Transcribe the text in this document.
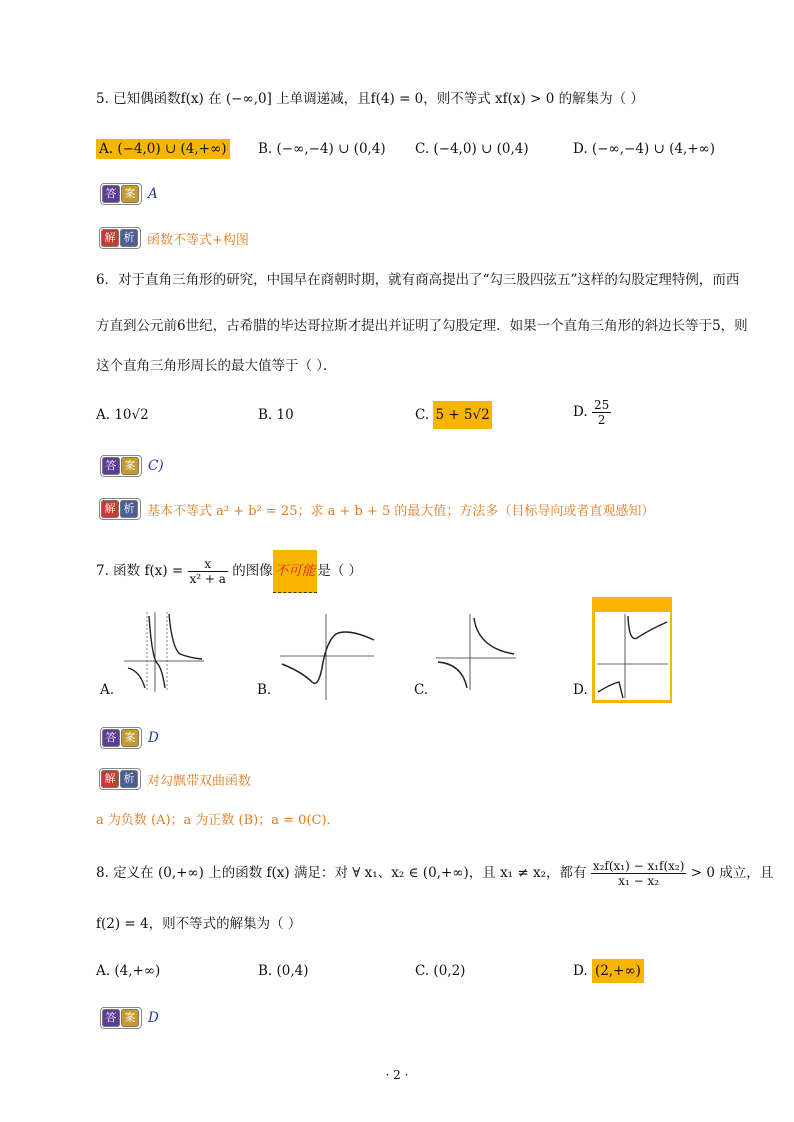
5. 已知偶函数f(x) 在 (−∞,0] 上单调递减，且f(4) = 0，则不等式 xf(x) > 0 的解集为（ ）
A. (−4,0) ∪ (4,+∞) B. (−∞,−4) ∪ (0,4) C. (−4,0) ∪ (0,4)	D. (−∞,−4) ∪ (4,+∞)
答 案 A
解 析 函数不等式+构图
6．对于直角三角形的研究，中国早在商朝时期，就有商高提出了“勾三股四弦五”这样的勾股定理特例，而西
方直到公元前6世纪，古希腊的毕达哥拉斯才提出并证明了勾股定理．如果一个直角三角形的斜边长等于5，则
这个直角三角形周长的最大值等于（ ）．
A. 10√2	B. 10	C. 5 + 5√2	D. $\frac{25}{2}$
答 案 C)
解 析 基本不等式 a² + b² = 25；求 a + b + 5 的最大值；方法多（目标导向或者直观感知）
7. 函数 $f(x) = \frac{x}{\text{x² + a}}$ 的图像 不可能 是（ ）
A.	B.	C.	D.
答 案 D
解 析 对勾飘带双曲函数
a 为负数 (A)；a 为正数 (B)；a = 0(C)．
8. 定义在 (0,+∞) 上的函数 f(x) 满足：对 ∀ x₁、x₂ ∈ (0,+∞)，且 x₁ ≠ x₂，都有 $\frac{\text{x₂f(x₁) − x₁f(x₂)}}{\text{x₁ − x₂}} > 0$ 成立，且
f(2) = 4，则不等式的解集为（ ）
A. (4,+∞)	B. (0,4)	C. (0,2)	D. (2,+∞)
答 案 D
· 2 ·
